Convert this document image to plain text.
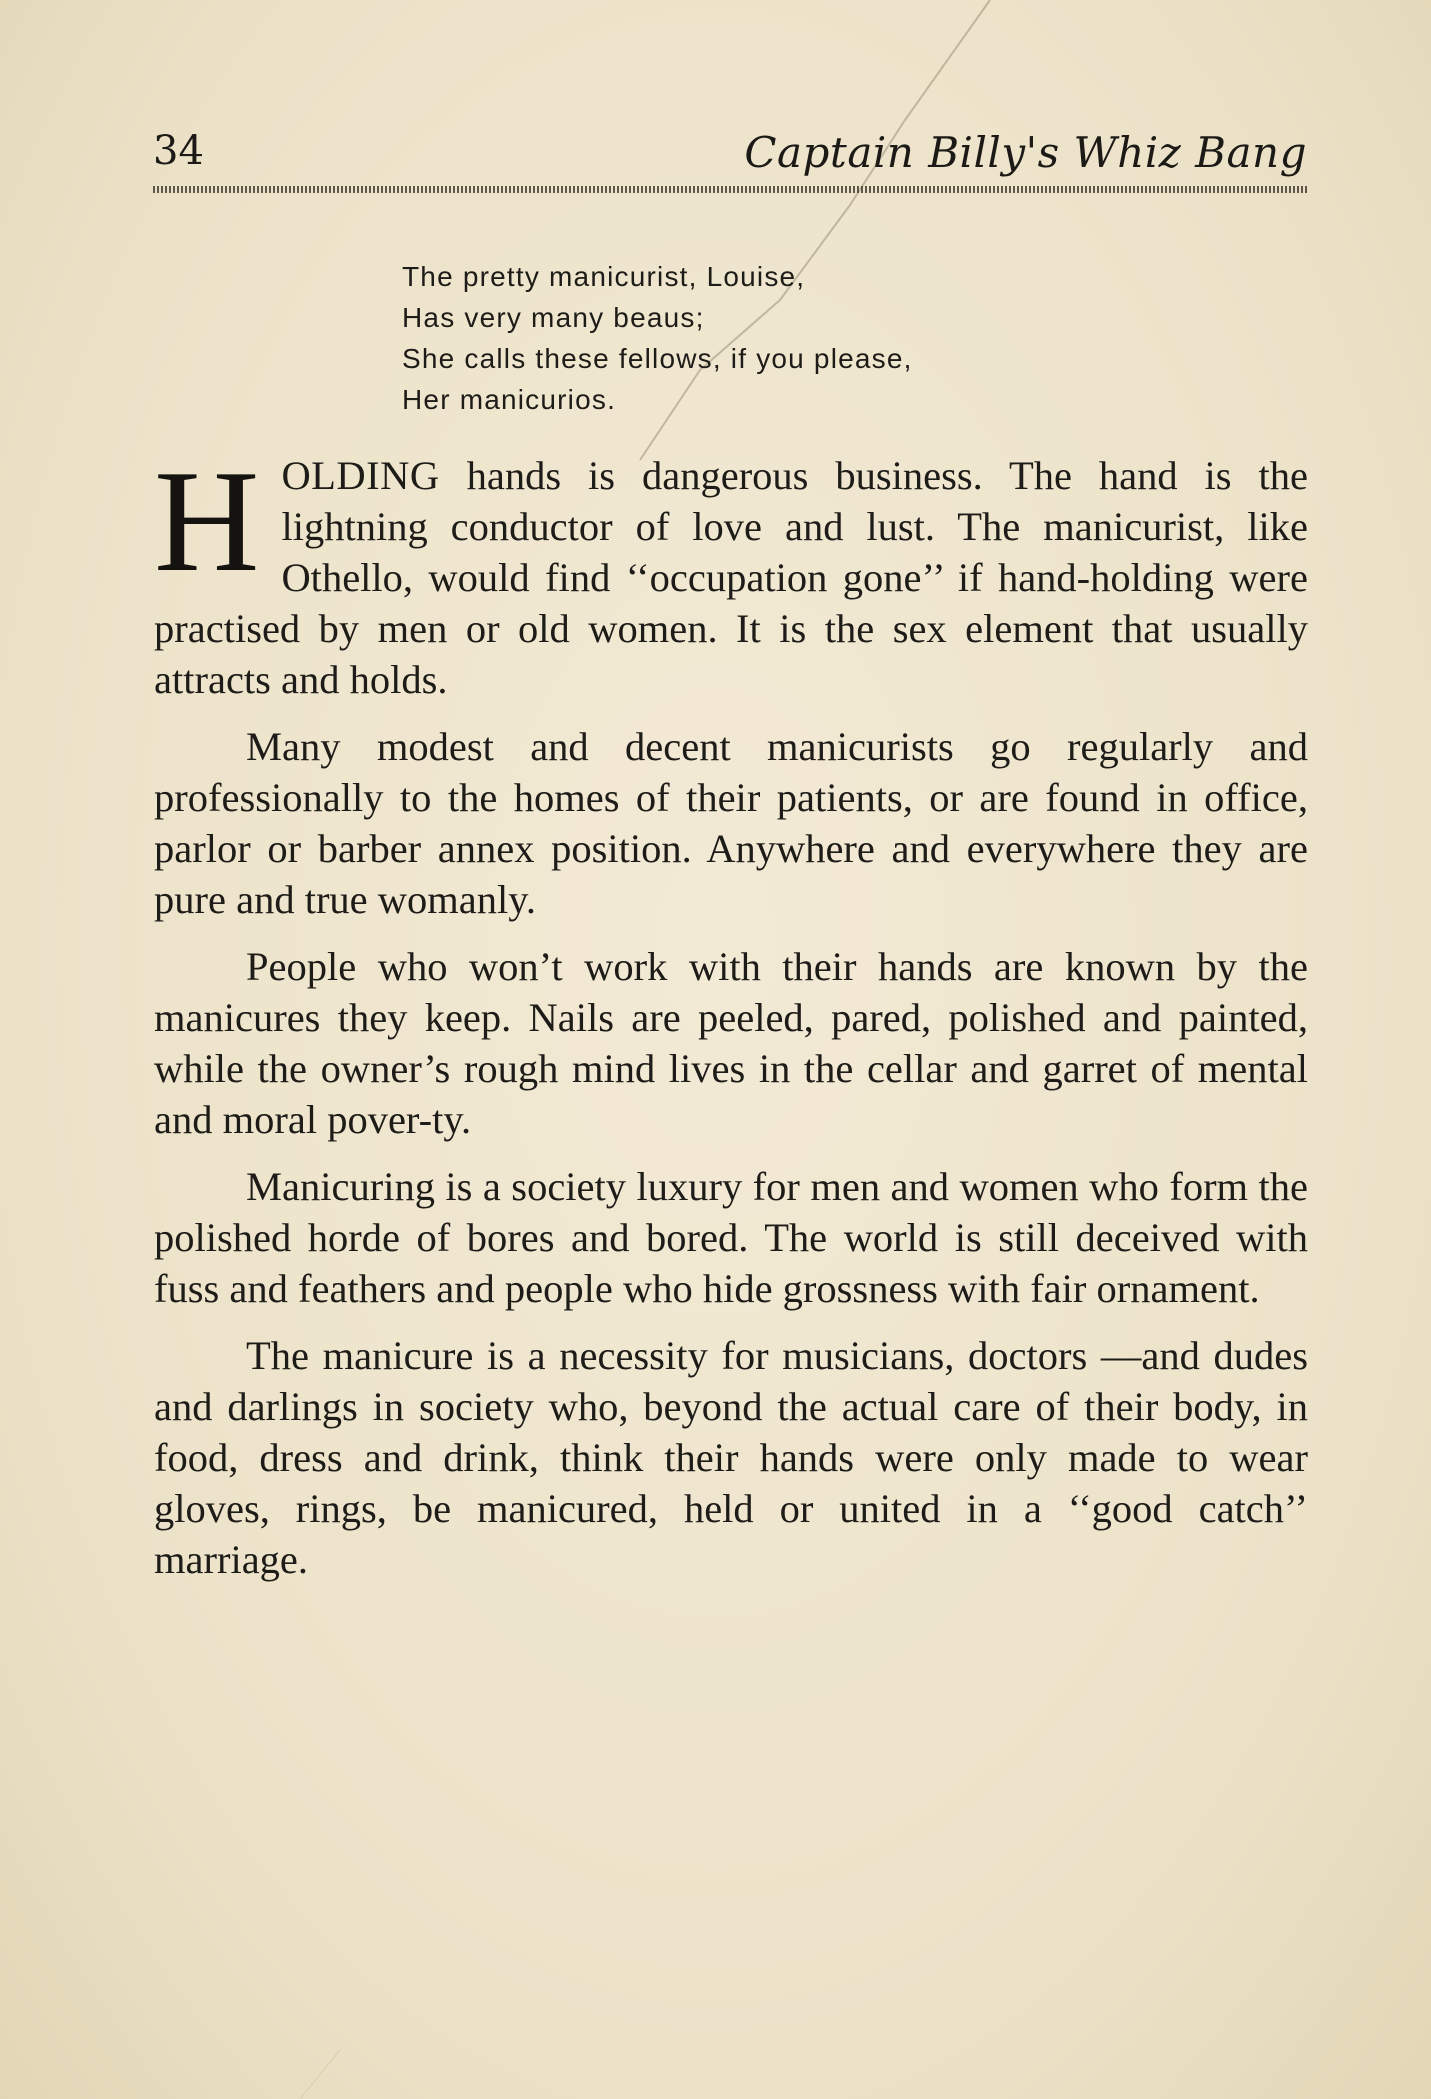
34	Captain Billy's Whiz Bang
The pretty manicurist, Louise,
Has very many beaus;
She calls these fellows, if you please,
Her manicurios.

HOLDING hands is dangerous business. The hand is the lightning conductor of love and lust. The manicurist, like Othello, would find ‘‘occupation gone’’ if hand-holding were practised by men or old women. It is the sex element that usually attracts and holds.

Many modest and decent manicurists go regularly and professionally to the homes of their patients, or are found in office, parlor or barber annex position. Anywhere and everywhere they are pure and true womanly.

People who won’t work with their hands are known by the manicures they keep. Nails are peeled, pared, polished and painted, while the owner’s rough mind lives in the cellar and garret of mental and moral pover-ty.

Manicuring is a society luxury for men and women who form the polished horde of bores and bored. The world is still deceived with fuss and feathers and people who hide grossness with fair ornament.

The manicure is a necessity for musicians, doctors —and dudes and darlings in society who, beyond the actual care of their body, in food, dress and drink, think their hands were only made to wear gloves, rings, be manicured, held or united in a ‘‘good catch’’ marriage.
